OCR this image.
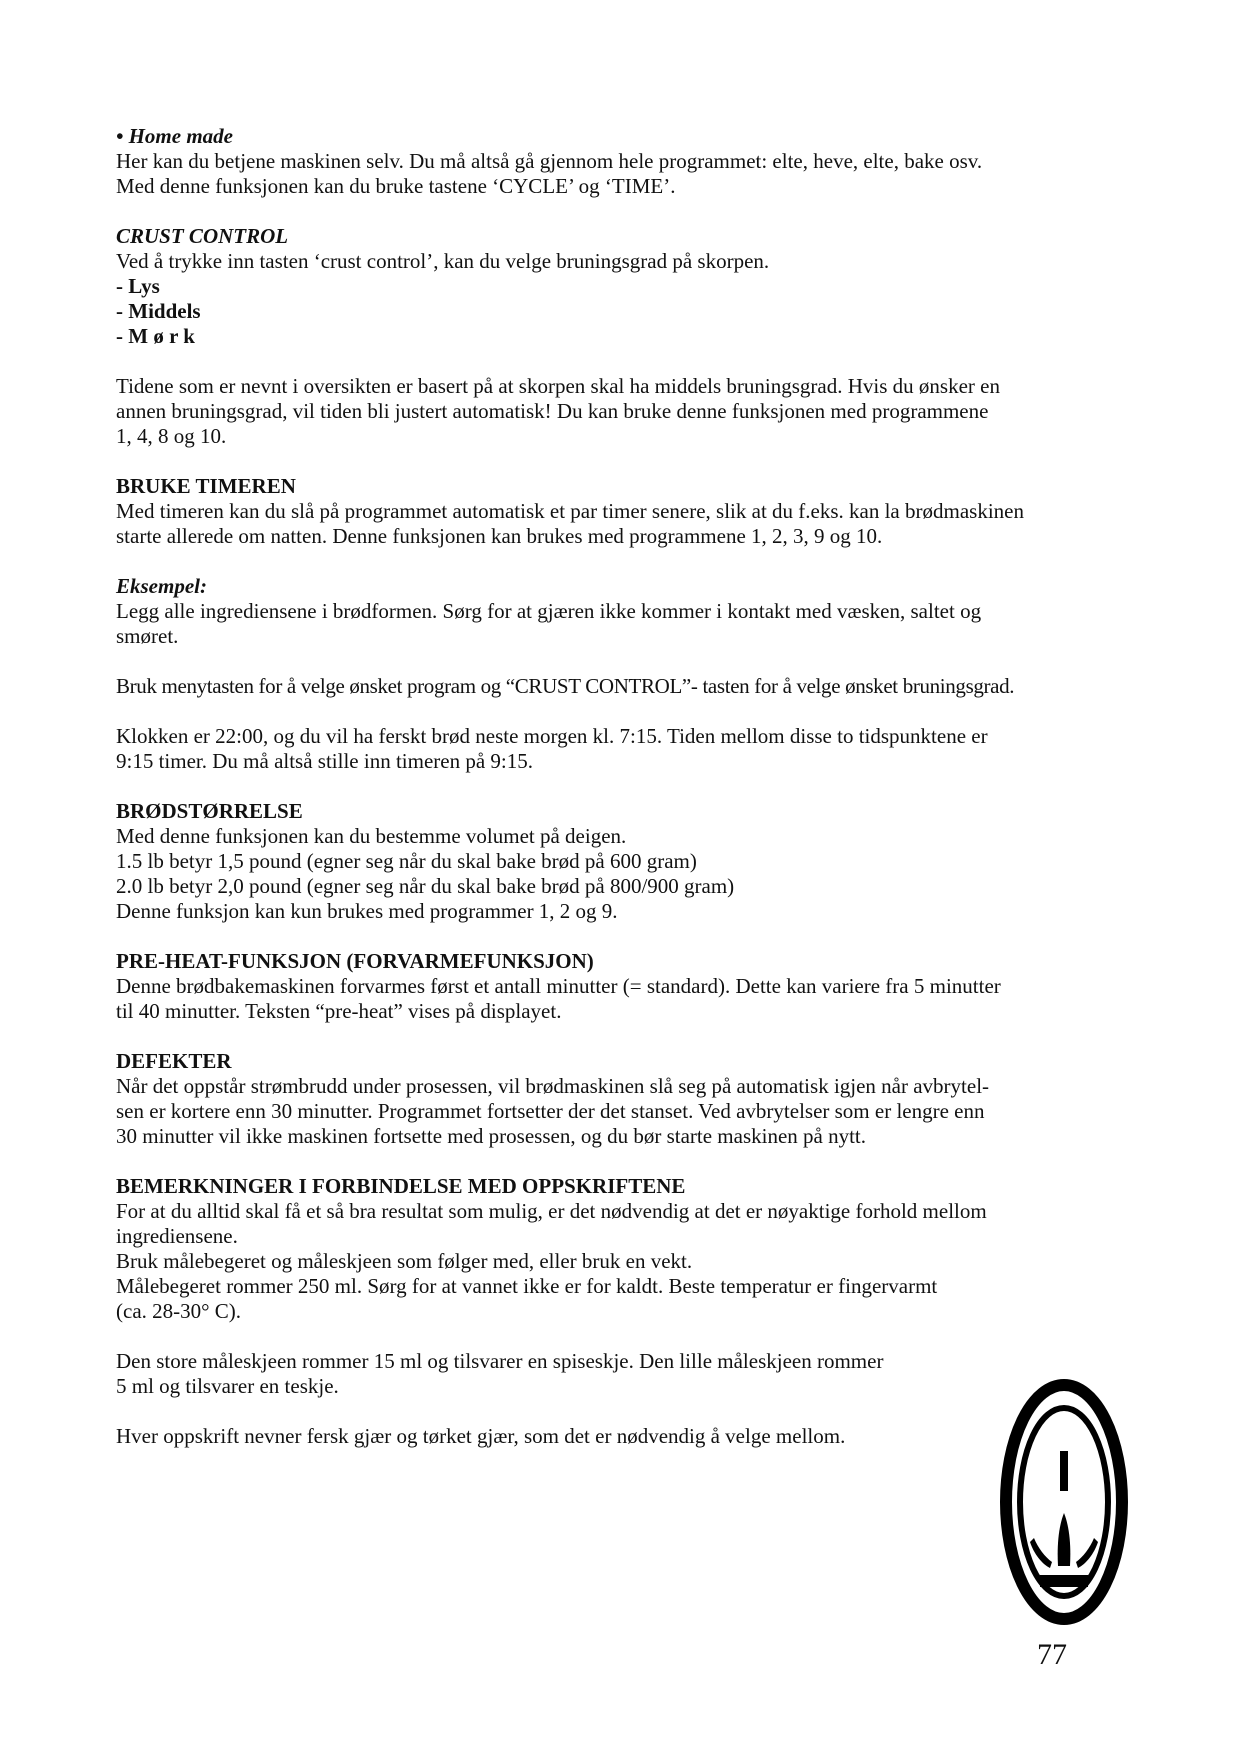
• Home made
Her kan du betjene maskinen selv. Du må altså gå gjennom hele programmet: elte, heve, elte, bake osv.
Med denne funksjonen kan du bruke tastene ‘CYCLE’ og ‘TIME’.
CRUST CONTROL
Ved å trykke inn tasten ‘crust control’, kan du velge bruningsgrad på skorpen.
- Lys
- Middels
- M ø r k
Tidene som er nevnt i oversikten er basert på at skorpen skal ha middels bruningsgrad. Hvis du ønsker en
annen bruningsgrad, vil tiden bli justert automatisk! Du kan bruke denne funksjonen med programmene
1, 4, 8 og 10.
BRUKE TIMEREN
Med timeren kan du slå på programmet automatisk et par timer senere, slik at du f.eks. kan la brødmaskinen
starte allerede om natten. Denne funksjonen kan brukes med programmene 1, 2, 3, 9 og 10.
Eksempel:
Legg alle ingrediensene i brødformen. Sørg for at gjæren ikke kommer i kontakt med væsken, saltet og
smøret.
Bruk menytasten for å velge ønsket program og “CRUST CONTROL”- tasten for å velge ønsket bruningsgrad.
Klokken er 22:00, og du vil ha ferskt brød neste morgen kl. 7:15. Tiden mellom disse to tidspunktene er
9:15 timer. Du må altså stille inn timeren på 9:15.
BRØDSTØRRELSE
Med denne funksjonen kan du bestemme volumet på deigen.
1.5 lb betyr 1,5 pound (egner seg når du skal bake brød på 600 gram)
2.0 lb betyr 2,0 pound (egner seg når du skal bake brød på 800/900 gram)
Denne funksjon kan kun brukes med programmer 1, 2 og 9.
PRE-HEAT-FUNKSJON (FORVARMEFUNKSJON)
Denne brødbakemaskinen forvarmes først et antall minutter (= standard). Dette kan variere fra 5 minutter
til 40 minutter. Teksten “pre-heat” vises på displayet.
DEFEKTER
Når det oppstår strømbrudd under prosessen, vil brødmaskinen slå seg på automatisk igjen når avbrytel-
sen er kortere enn 30 minutter. Programmet fortsetter der det stanset. Ved avbrytelser som er lengre enn
30 minutter vil ikke maskinen fortsette med prosessen, og du bør starte maskinen på nytt.
BEMERKNINGER I FORBINDELSE MED OPPSKRIFTENE
For at du alltid skal få et så bra resultat som mulig, er det nødvendig at det er nøyaktige forhold mellom
ingrediensene.
Bruk målebegeret og måleskjeen som følger med, eller bruk en vekt.
Målebegeret rommer 250 ml. Sørg for at vannet ikke er for kaldt. Beste temperatur er fingervarmt
(ca. 28-30° C).
Den store måleskjeen rommer 15 ml og tilsvarer en spiseskje. Den lille måleskjeen rommer
5 ml og tilsvarer en teskje.
Hver oppskrift nevner fersk gjær og tørket gjær, som det er nødvendig å velge mellom.
77
